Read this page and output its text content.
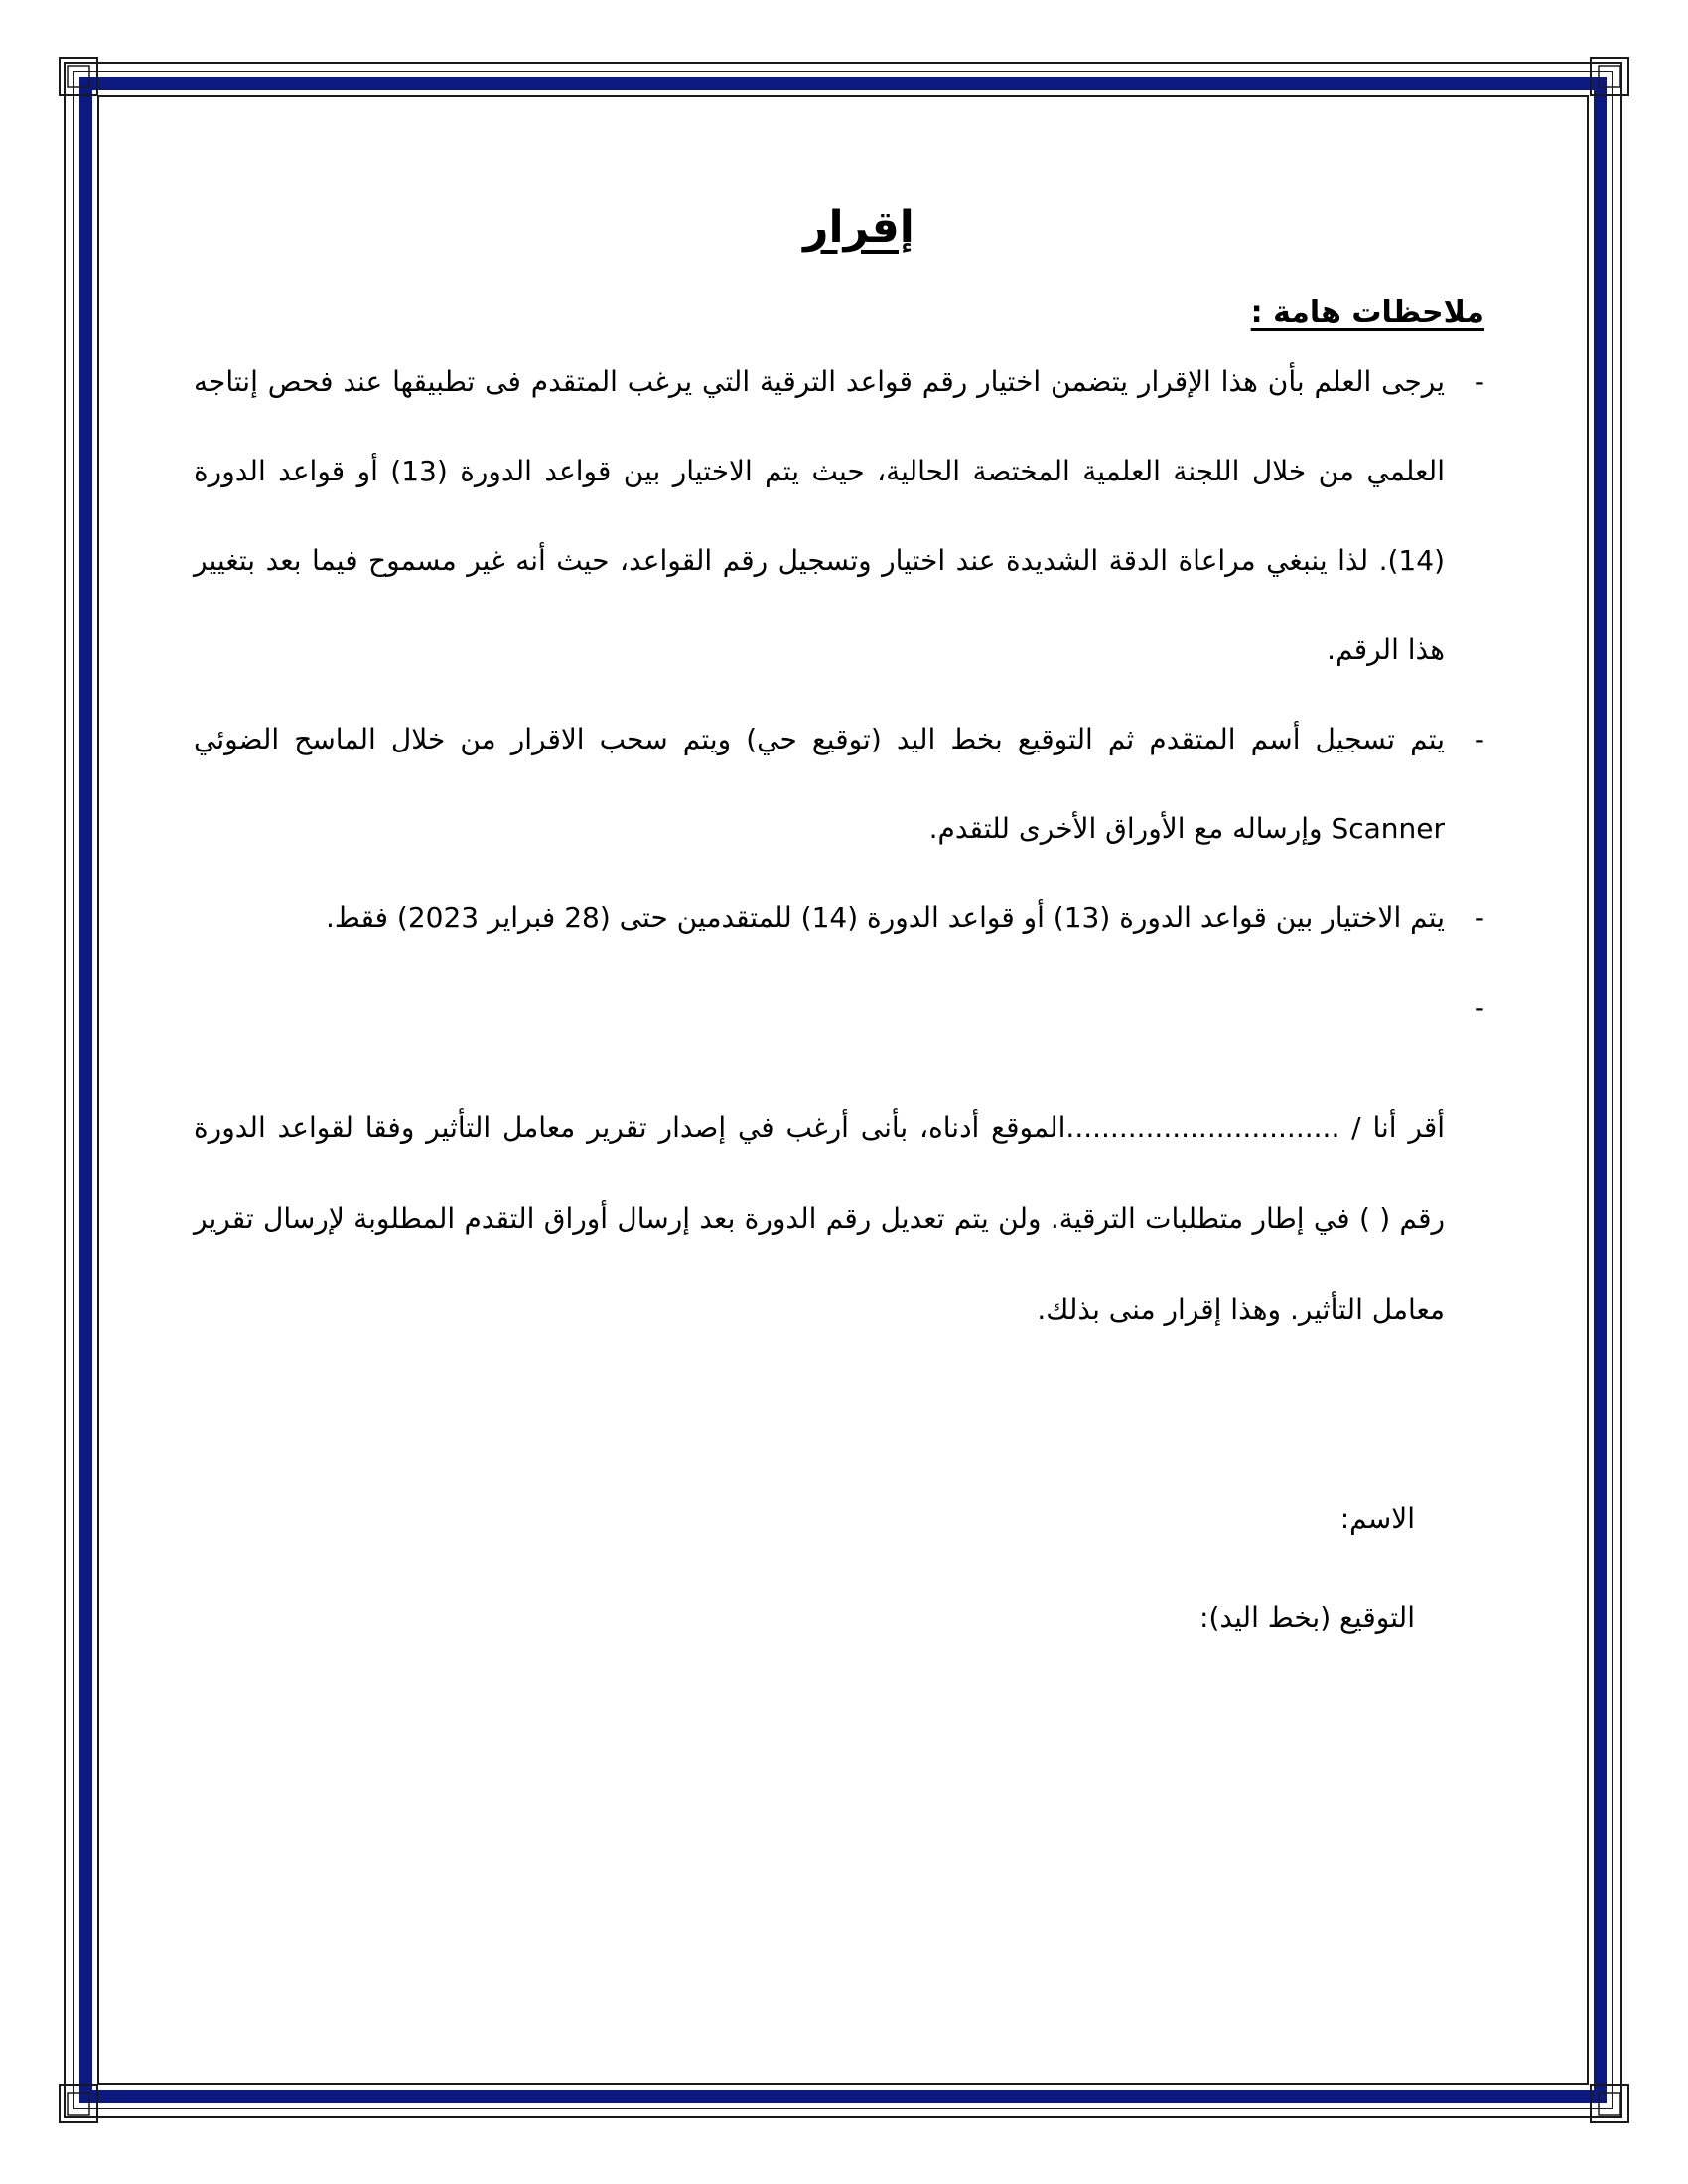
إقرار
ملاحظات هامة :
-
يرجى العلم بأن هذا الإقرار يتضمن اختيار رقم قواعد الترقية التي يرغب المتقدم فى تطبيقها عند فحص إنتاجه العلمي من خلال اللجنة العلمية المختصة الحالية، حيث يتم الاختيار بين قواعد الدورة (13) أو قواعد الدورة (14). لذا ينبغي مراعاة الدقة الشديدة عند اختيار وتسجيل رقم القواعد، حيث أنه غير مسموح فيما بعد بتغيير هذا الرقم.
-
يتم تسجيل أسم المتقدم ثم التوقيع بخط اليد (توقيع حي) ويتم سحب الاقرار من خلال الماسح الضوئي Scanner وإرساله مع الأوراق الأخرى للتقدم.
-
يتم الاختيار بين قواعد الدورة (13) أو قواعد الدورة (14) للمتقدمين حتى (28 فبراير 2023) فقط.
-

أقر أنا / ...............................الموقع أدناه، بأنى أرغب في إصدار تقرير معامل التأثير وفقا لقواعد الدورة رقم ( ) في إطار متطلبات الترقية. ولن يتم تعديل رقم الدورة بعد إرسال أوراق التقدم المطلوبة لإرسال تقرير معامل التأثير. وهذا إقرار منى بذلك.

الاسم:
التوقيع (بخط اليد):
